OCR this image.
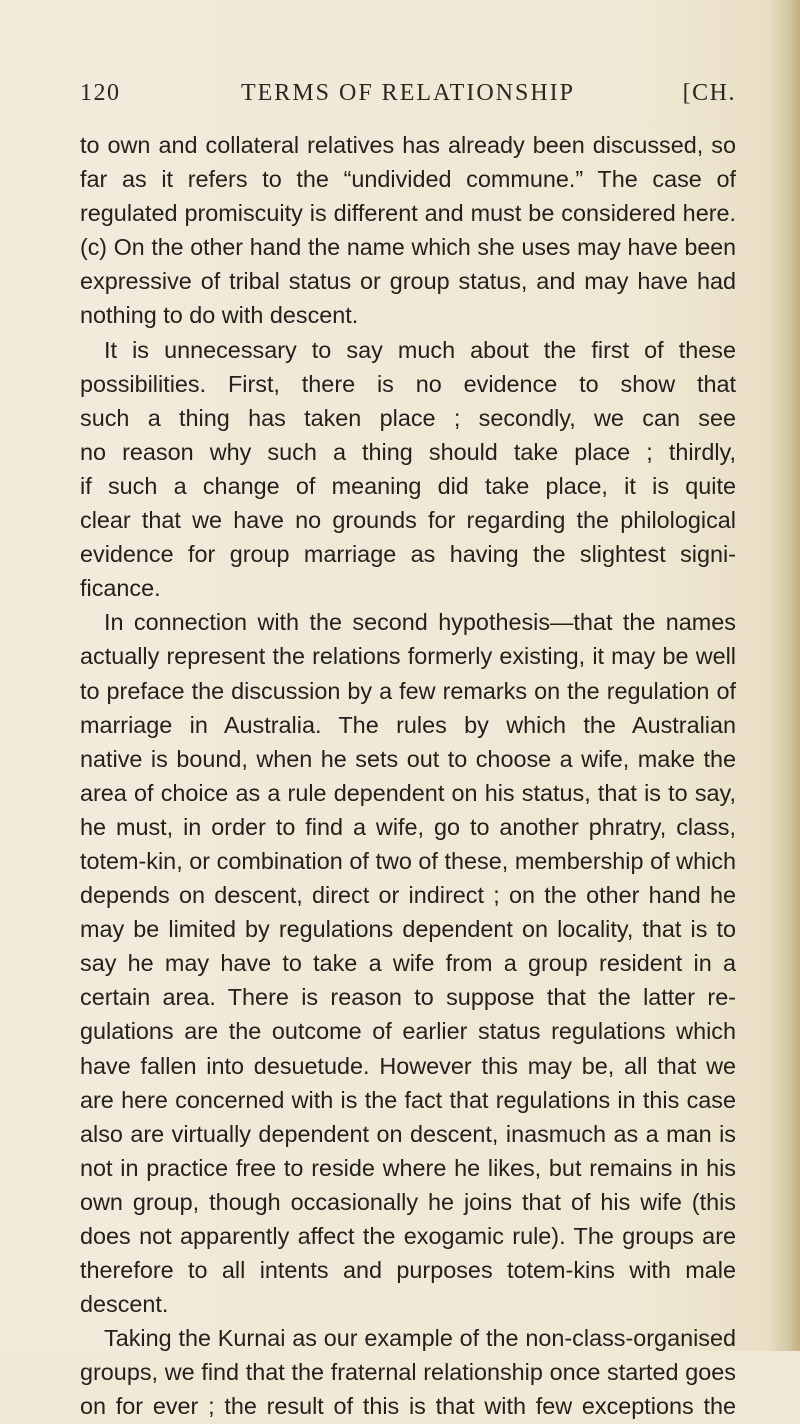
120	TERMS OF RELATIONSHIP	[CH.
to own and collateral relatives has already been discussed, so
far as it refers to the “undivided commune.” The case of
regulated promiscuity is different and must be considered here.
(c) On the other hand the name which she uses may have been
expressive of tribal status or group status, and may have had
nothing to do with descent.
It is unnecessary to say much about the first of these
possibilities. First, there is no evidence to show that
such a thing has taken place ; secondly, we can see
no reason why such a thing should take place ; thirdly,
if such a change of meaning did take place, it is quite
clear that we have no grounds for regarding the philological
evidence for group marriage as having the slightest signi-
ficance.
In connection with the second hypothesis—that the names
actually represent the relations formerly existing, it may be well
to preface the discussion by a few remarks on the regulation of
marriage in Australia. The rules by which the Australian
native is bound, when he sets out to choose a wife, make the
area of choice as a rule dependent on his status, that is to say,
he must, in order to find a wife, go to another phratry, class,
totem-kin, or combination of two of these, membership of which
depends on descent, direct or indirect ; on the other hand he
may be limited by regulations dependent on locality, that is to
say he may have to take a wife from a group resident in a
certain area. There is reason to suppose that the latter re-
gulations are the outcome of earlier status regulations which
have fallen into desuetude. However this may be, all that we
are here concerned with is the fact that regulations in this case
also are virtually dependent on descent, inasmuch as a man is
not in practice free to reside where he likes, but remains in his
own group, though occasionally he joins that of his wife (this
does not apparently affect the exogamic rule). The groups are
therefore to all intents and purposes totem-kins with male
descent.
Taking the Kurnai as our example of the non-class-organised
groups, we find that the fraternal relationship once started goes
on for ever ; the result of this is that with few exceptions the
